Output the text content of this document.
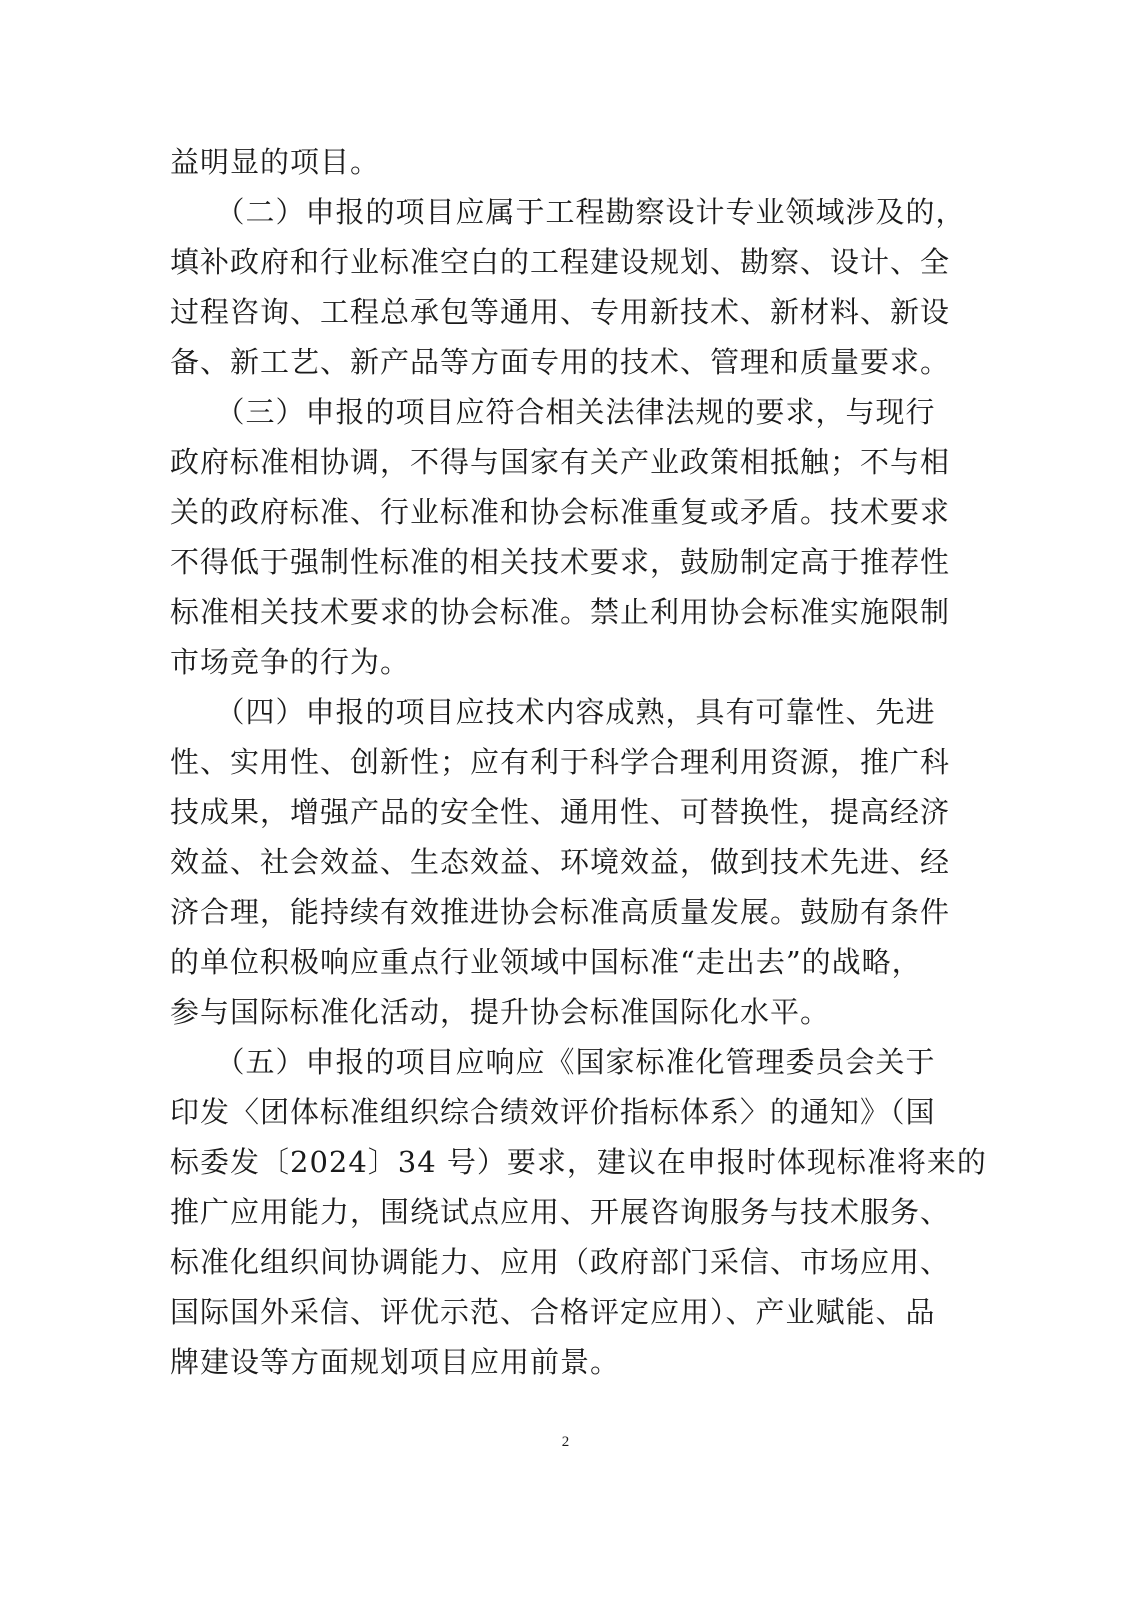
益明显的项目。
　　（二）申报的项目应属于工程勘察设计专业领域涉及的，
填补政府和行业标准空白的工程建设规划、勘察、设计、全
过程咨询、工程总承包等通用、专用新技术、新材料、新设
备、新工艺、新产品等方面专用的技术、管理和质量要求。
　　（三）申报的项目应符合相关法律法规的要求，与现行
政府标准相协调，不得与国家有关产业政策相抵触；不与相
关的政府标准、行业标准和协会标准重复或矛盾。技术要求
不得低于强制性标准的相关技术要求，鼓励制定高于推荐性
标准相关技术要求的协会标准。禁止利用协会标准实施限制
市场竞争的行为。
　　（四）申报的项目应技术内容成熟，具有可靠性、先进
性、实用性、创新性；应有利于科学合理利用资源，推广科
技成果，增强产品的安全性、通用性、可替换性，提高经济
效益、社会效益、生态效益、环境效益，做到技术先进、经
济合理，能持续有效推进协会标准高质量发展。鼓励有条件
的单位积极响应重点行业领域中国标准“走出去”的战略，
参与国际标准化活动，提升协会标准国际化水平。
　　（五）申报的项目应响应《国家标准化管理委员会关于
印发〈团体标准组织综合绩效评价指标体系〉的通知》（国
标委发〔2024〕34 号）要求，建议在申报时体现标准将来的
推广应用能力，围绕试点应用、开展咨询服务与技术服务、
标准化组织间协调能力、应用（政府部门采信、市场应用、
国际国外采信、评优示范、合格评定应用）、产业赋能、品
牌建设等方面规划项目应用前景。
2
